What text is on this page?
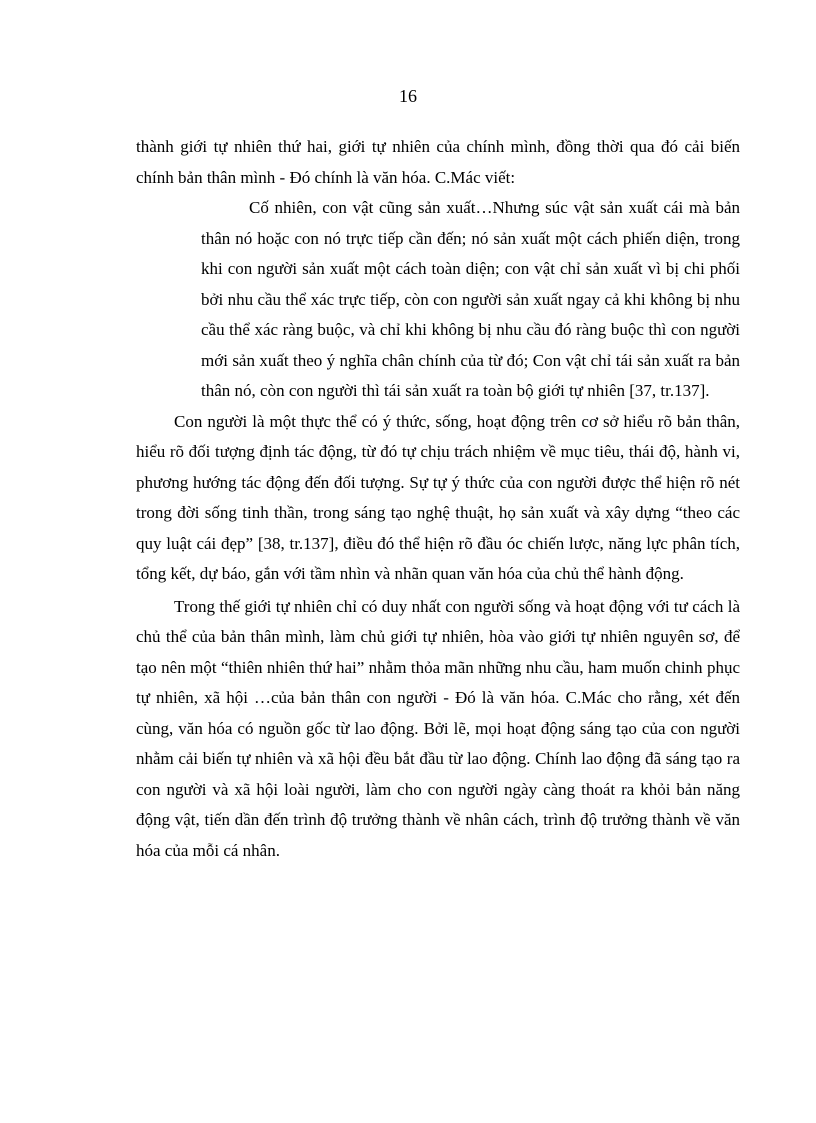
16

thành giới tự nhiên thứ hai, giới tự nhiên của chính mình, đồng thời qua đó cải biến chính bản thân mình - Đó chính là văn hóa. C.Mác viết:

Cố nhiên, con vật cũng sản xuất…Nhưng súc vật sản xuất cái mà bản thân nó hoặc con nó trực tiếp cần đến; nó sản xuất một cách phiến diện, trong khi con người sản xuất một cách toàn diện; con vật chỉ sản xuất vì bị chi phối bởi nhu cầu thể xác trực tiếp, còn con người sản xuất ngay cả khi không bị nhu cầu thể xác ràng buộc, và chỉ khi không bị nhu cầu đó ràng buộc thì con người mới sản xuất theo ý nghĩa chân chính của từ đó; Con vật chỉ tái sản xuất ra bản thân nó, còn con người thì tái sản xuất ra toàn bộ giới tự nhiên [37, tr.137].

Con người là một thực thể có ý thức, sống, hoạt động trên cơ sở hiểu rõ bản thân, hiểu rõ đối tượng định tác động, từ đó tự chịu trách nhiệm về mục tiêu, thái độ, hành vi, phương hướng tác động đến đối tượng. Sự tự ý thức của con người được thể hiện rõ nét trong đời sống tinh thần, trong sáng tạo nghệ thuật, họ sản xuất và xây dựng “theo các quy luật cái đẹp” [38, tr.137], điều đó thể hiện rõ đầu óc chiến lược, năng lực phân tích, tổng kết, dự báo, gắn với tầm nhìn và nhãn quan văn hóa của chủ thể hành động.

Trong thế giới tự nhiên chỉ có duy nhất con người sống và hoạt động với tư cách là chủ thể của bản thân mình, làm chủ giới tự nhiên, hòa vào giới tự nhiên nguyên sơ, để tạo nên một “thiên nhiên thứ hai” nhằm thỏa mãn những nhu cầu, ham muốn chinh phục tự nhiên, xã hội …của bản thân con người - Đó là văn hóa. C.Mác cho rằng, xét đến cùng, văn hóa có nguồn gốc từ lao động. Bởi lẽ, mọi hoạt động sáng tạo của con người nhằm cải biến tự nhiên và xã hội đều bắt đầu từ lao động. Chính lao động đã sáng tạo ra con người và xã hội loài người, làm cho con người ngày càng thoát ra khỏi bản năng động vật, tiến dần đến trình độ trưởng thành về nhân cách, trình độ trưởng thành về văn hóa của mỗi cá nhân.
